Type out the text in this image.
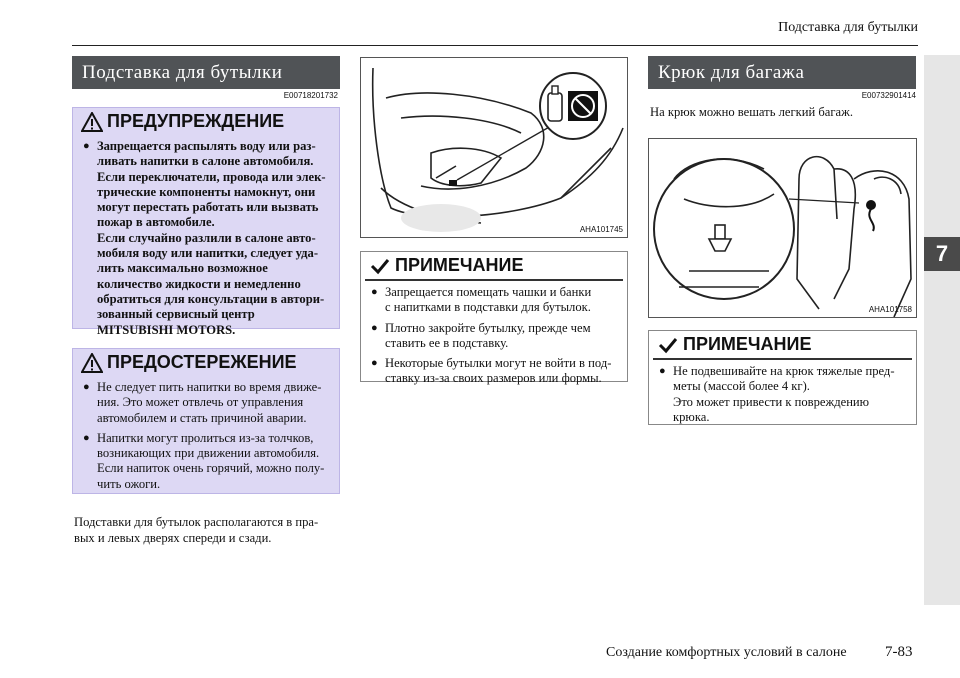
Подставка для бутылки
7
Подставка для бутылки
E00718201732
ПРЕДУПРЕЖДЕНИЕ
● Запрещается распылять воду или раз-
ливать напитки в салоне автомобиля.
Если переключатели, провода или элек-
трические компоненты намокнут, они
могут перестать работать или вызвать
пожар в автомобиле.
Если случайно разлили в салоне авто-
мобиля воду или напитки, следует уда-
лить максимально возможное
количество жидкости и немедленно
обратиться для консультации в автори-
зованный сервисный центр
MITSUBISHI MOTORS.
ПРЕДОСТЕРЕЖЕНИЕ
● Не следует пить напитки во время движе-
ния. Это может отвлечь от управления
автомобилем и стать причиной аварии.
● Напитки могут пролиться из-за толчков,
возникающих при движении автомобиля.
Если напиток очень горячий, можно полу-
чить ожоги.
Подставки для бутылок располагаются в пра-
вых и левых дверях спереди и сзади.
AHA101745
ПРИМЕЧАНИЕ
● Запрещается помещать чашки и банки
с напитками в подставки для бутылок.
● Плотно закройте бутылку, прежде чем
ставить ее в подставку.
● Некоторые бутылки могут не войти в под-
ставку из-за своих размеров или формы.
Крюк для багажа
E00732901414
На крюк можно вешать легкий багаж.
AHA101758
ПРИМЕЧАНИЕ
● Не подвешивайте на крюк тяжелые пред-
меты (массой более 4 кг).
Это может привести к повреждению
крюка.
Создание комфортных условий в салоне	7-83
